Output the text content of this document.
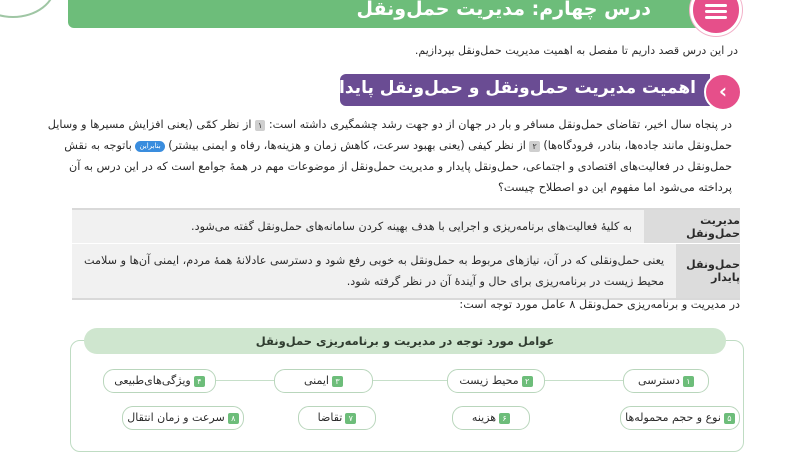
درس چهارم: مدیریت حمل‌ونقل
در این درس قصد داریم تا مفصل به اهمیت مدیریت حمل‌ونقل بپردازیم.
اهمیت مدیریت حمل‌ونقل و حمل‌ونقل پایدار	‹
در پنجاه سال اخیر، تقاضای حمل‌ونقل مسافر و بار در جهان از دو جهت رشد چشمگیری داشته است: ۱ از نظر کمّی (یعنی افزایش مسیرها و وسایل
حمل‌ونقل مانند جاده‌ها، بنادر، فرودگاه‌ها) ۲ از نظر کیفی (یعنی بهبود سرعت، کاهش زمان و هزینه‌ها، رفاه و ایمنی بیشتر) بنابراین باتوجه به نقش
حمل‌ونقل در فعالیت‌های اقتصادی و اجتماعی، حمل‌ونقل پایدار و مدیریت حمل‌ونقل از موضوعات مهم در همهٔ جوامع است که در این درس به آن
پرداخته می‌شود اما مفهوم این دو اصطلاح چیست؟
مدیریت حمل‌ونقل
به کلیهٔ فعالیت‌های برنامه‌ریزی و اجرایی با هدف بهینه کردن سامانه‌های حمل‌ونقل گفته می‌شود.
حمل‌ونقل پایدار
یعنی حمل‌ونقلی که در آن، نیازهای مربوط به حمل‌ونقل به خوبی رفع شود و دسترسی عادلانهٔ همهٔ مردم، ایمنی آن‌ها و سلامت
محیط زیست در برنامه‌ریزی برای حال و آیندهٔ آن در نظر گرفته شود.
در مدیریت و برنامه‌ریزی حمل‌ونقل ۸ عامل مورد توجه است:
عوامل مورد توجه در مدیریت و برنامه‌ریزی حمل‌ونقل
۱دسترسی
۲محیط زیست
۳ایمنی
۴ویژگی‌های‌طبیعی
۵نوع و حجم محموله‌ها
۶هزینه
۷تقاضا
۸سرعت و زمان انتقال
